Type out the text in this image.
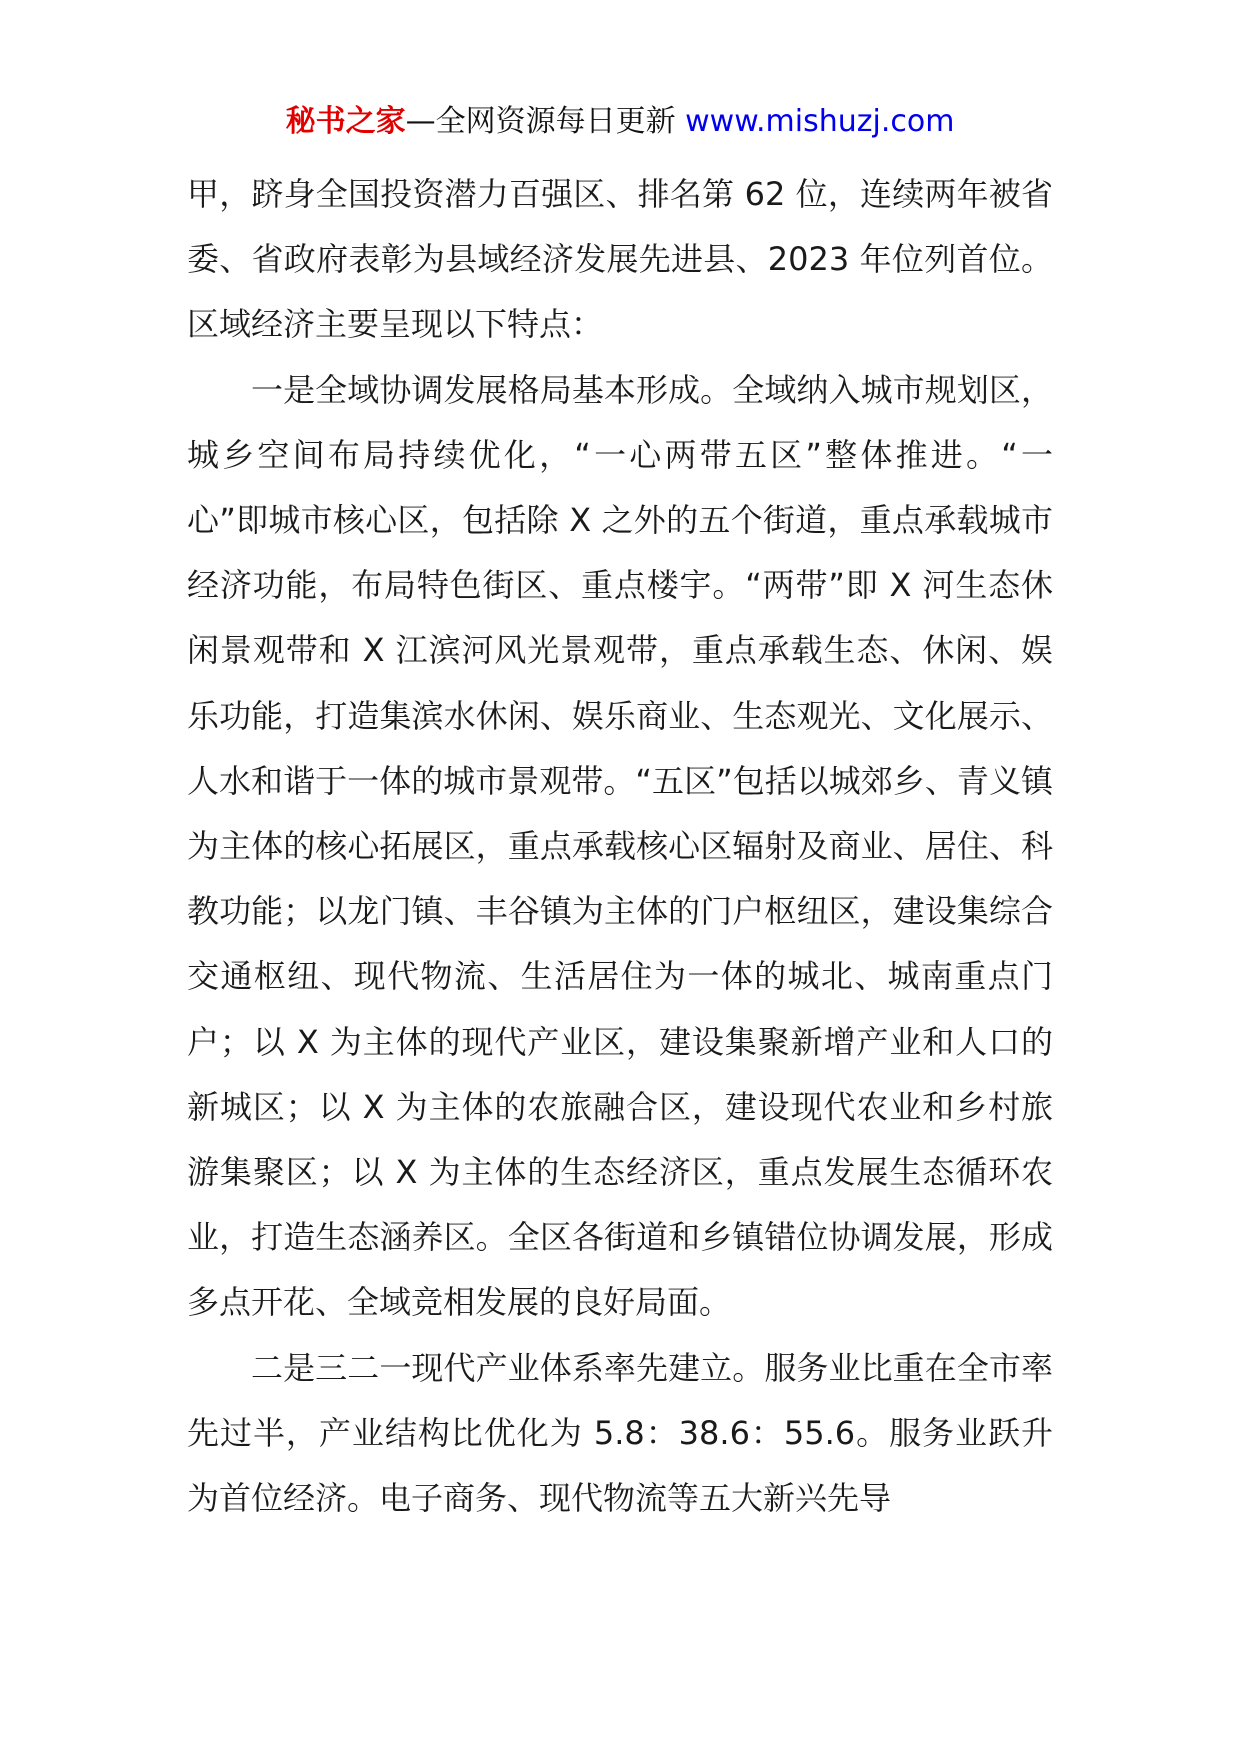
秘书之家—全网资源每日更新 www.mishuzj.com

甲，跻身全国投资潜力百强区、排名第 62 位，连续两年被省委、省政府表彰为县域经济发展先进县、2023 年位列首位。区域经济主要呈现以下特点：

一是全域协调发展格局基本形成。全域纳入城市规划区，城乡空间布局持续优化，“一心两带五区”整体推进。“一心”即城市核心区，包括除 X 之外的五个街道，重点承载城市经济功能，布局特色街区、重点楼宇。“两带”即 X 河生态休闲景观带和 X 江滨河风光景观带，重点承载生态、休闲、娱乐功能，打造集滨水休闲、娱乐商业、生态观光、文化展示、人水和谐于一体的城市景观带。“五区”包括以城郊乡、青义镇为主体的核心拓展区，重点承载核心区辐射及商业、居住、科教功能；以龙门镇、丰谷镇为主体的门户枢纽区，建设集综合交通枢纽、现代物流、生活居住为一体的城北、城南重点门户；以 X 为主体的现代产业区，建设集聚新增产业和人口的新城区；以 X 为主体的农旅融合区，建设现代农业和乡村旅游集聚区；以 X 为主体的生态经济区，重点发展生态循环农业，打造生态涵养区。全区各街道和乡镇错位协调发展，形成多点开花、全域竞相发展的良好局面。

二是三二一现代产业体系率先建立。服务业比重在全市率先过半，产业结构比优化为 5.8：38.6：55.6。服务业跃升为首位经济。电子商务、现代物流等五大新兴先导
